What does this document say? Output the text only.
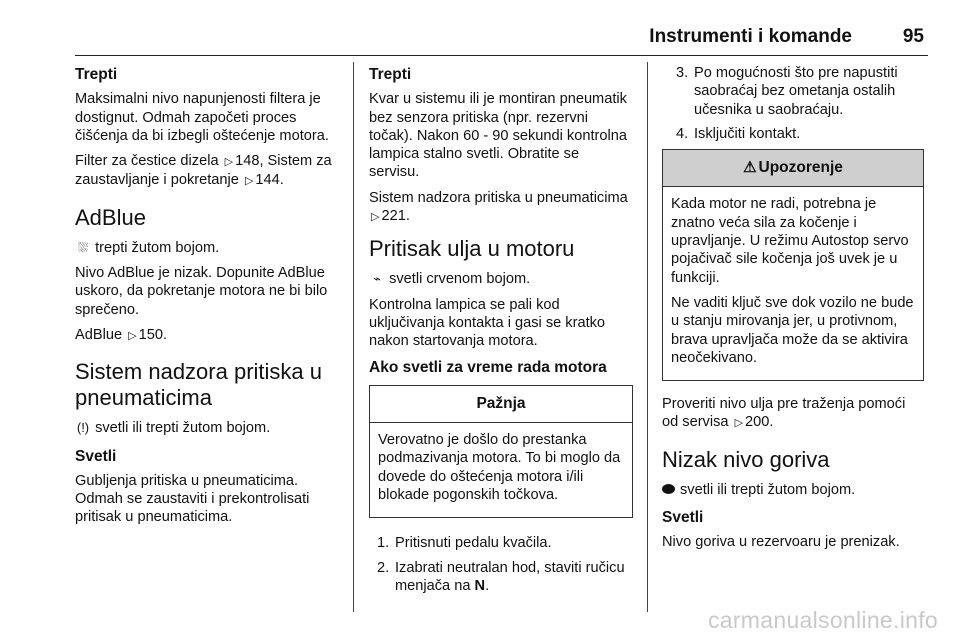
Instrumenti i komande	95
Trepti

Maksimalni nivo napunjenosti filtera je dostignut. Odmah započeti proces čišćenja da bi izbegli oštećenje motora.

Filter za čestice dizela ▷ 148, Sistem za zaustavljanje i pokretanje ▷ 144.

AdBlue

⛆ trepti žutom bojom.

Nivo AdBlue je nizak. Dopunite AdBlue uskoro, da pokretanje motora ne bi bilo sprečeno.

AdBlue ▷ 150.

Sistem nadzora pritiska u pneumaticima

(!) svetli ili trepti žutom bojom.

Svetli

Gubljenja pritiska u pneumaticima. Odmah se zaustaviti i prekontrolisati pritisak u pneumaticima.

Trepti

Kvar u sistemu ili je montiran pneumatik bez senzora pritiska (npr. rezervni točak). Nakon 60 - 90 sekundi kontrolna lampica stalno svetli. Obratite se servisu.

Sistem nadzora pritiska u pneumaticima ▷ 221.

Pritisak ulja u motoru

⌁ svetli crvenom bojom.

Kontrolna lampica se pali kod uključivanja kontakta i gasi se kratko nakon startovanja motora.

Ako svetli za vreme rada motora
Pažnja

Verovatno je došlo do prestanka podmazivanja motora. To bi moglo da dovede do oštećenja motora i/ili blokade pogonskih točkova.

1. Pritisnuti pedalu kvačila.
2. Izabrati neutralan hod, staviti ručicu menjača na N.
3. Po mogućnosti što pre napustiti saobraćaj bez ometanja ostalih učesnika u saobraćaju.
4. Isključiti kontakt.
⚠ Upozorenje

Kada motor ne radi, potrebna je znatno veća sila za kočenje i upravljanje. U režimu Autostop servo pojačivač sile kočenja još uvek je u funkciji.

Ne vaditi ključ sve dok vozilo ne bude u stanju mirovanja jer, u protivnom, brava upravljača može da se aktivira neočekivano.

Proveriti nivo ulja pre traženja pomoći od servisa ▷ 200.

Nizak nivo goriva

svetli ili trepti žutom bojom.

Svetli

Nivo goriva u rezervoaru je prenizak.

carmanualsonline.info
